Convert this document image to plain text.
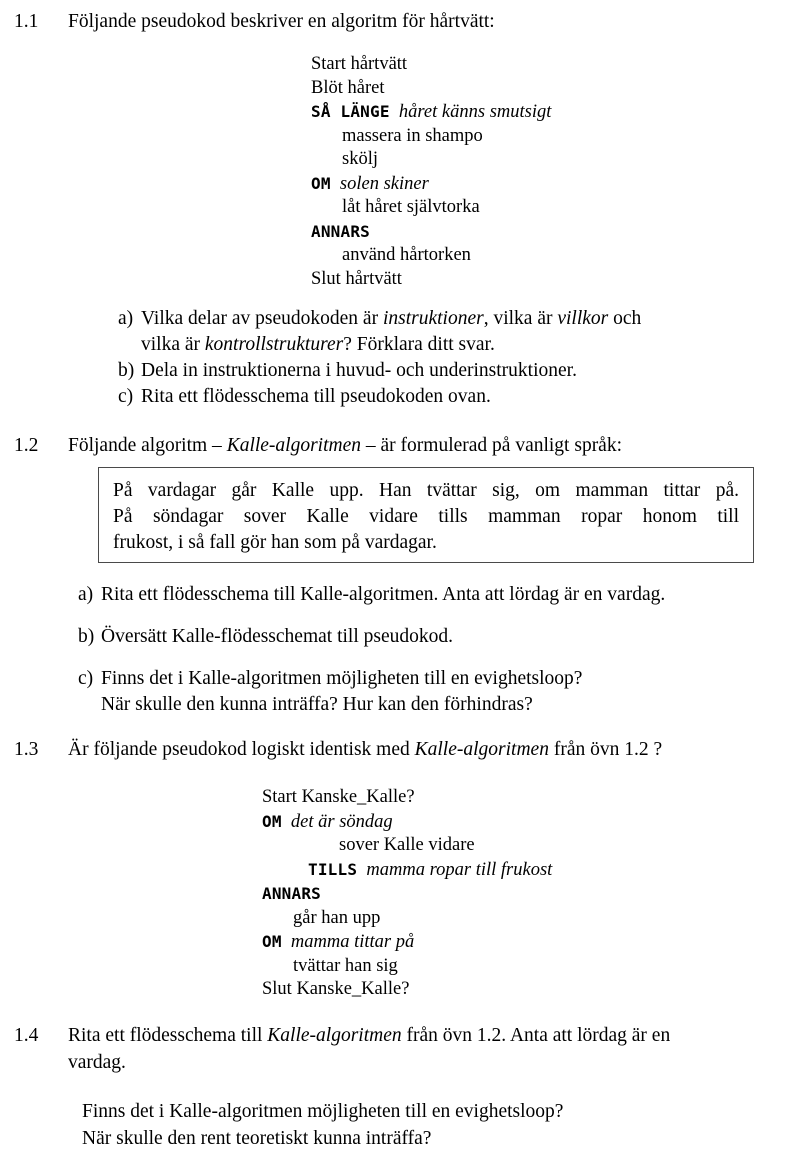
1.1	Följande pseudokod beskriver en algoritm för hårtvätt:
Start hårtvätt
Blöt håret
SÅ LÄNGE håret känns smutsigt
massera in shampo
skölj
OM solen skiner
låt håret självtorka
ANNARS
använd hårtorken
Slut hårtvätt
a) Vilka delar av pseudokoden är instruktioner, vilka är villkor och
vilka är kontrollstrukturer? Förklara ditt svar.
b) Dela in instruktionerna i huvud- och underinstruktioner.
c) Rita ett flödesschema till pseudokoden ovan.
1.2	Följande algoritm – Kalle-algoritmen – är formulerad på vanligt språk:
På vardagar går Kalle upp. Han tvättar sig, om mamman tittar på.
På söndagar sover Kalle vidare tills mamman ropar honom till
frukost, i så fall gör han som på vardagar.
a) Rita ett flödesschema till Kalle-algoritmen. Anta att lördag är en vardag.
b) Översätt Kalle-flödesschemat till pseudokod.
c) Finns det i Kalle-algoritmen möjligheten till en evighetsloop?
När skulle den kunna inträffa? Hur kan den förhindras?
1.3	Är följande pseudokod logiskt identisk med Kalle-algoritmen från övn 1.2 ?
Start Kanske_Kalle?
OM det är söndag
sover Kalle vidare
TILLS mamma ropar till frukost
ANNARS
går han upp
OM mamma tittar på
tvättar han sig
Slut Kanske_Kalle?
1.4	Rita ett flödesschema till Kalle-algoritmen från övn 1.2. Anta att lördag är en
vardag.
Finns det i Kalle-algoritmen möjligheten till en evighetsloop?
När skulle den rent teoretiskt kunna inträffa?
